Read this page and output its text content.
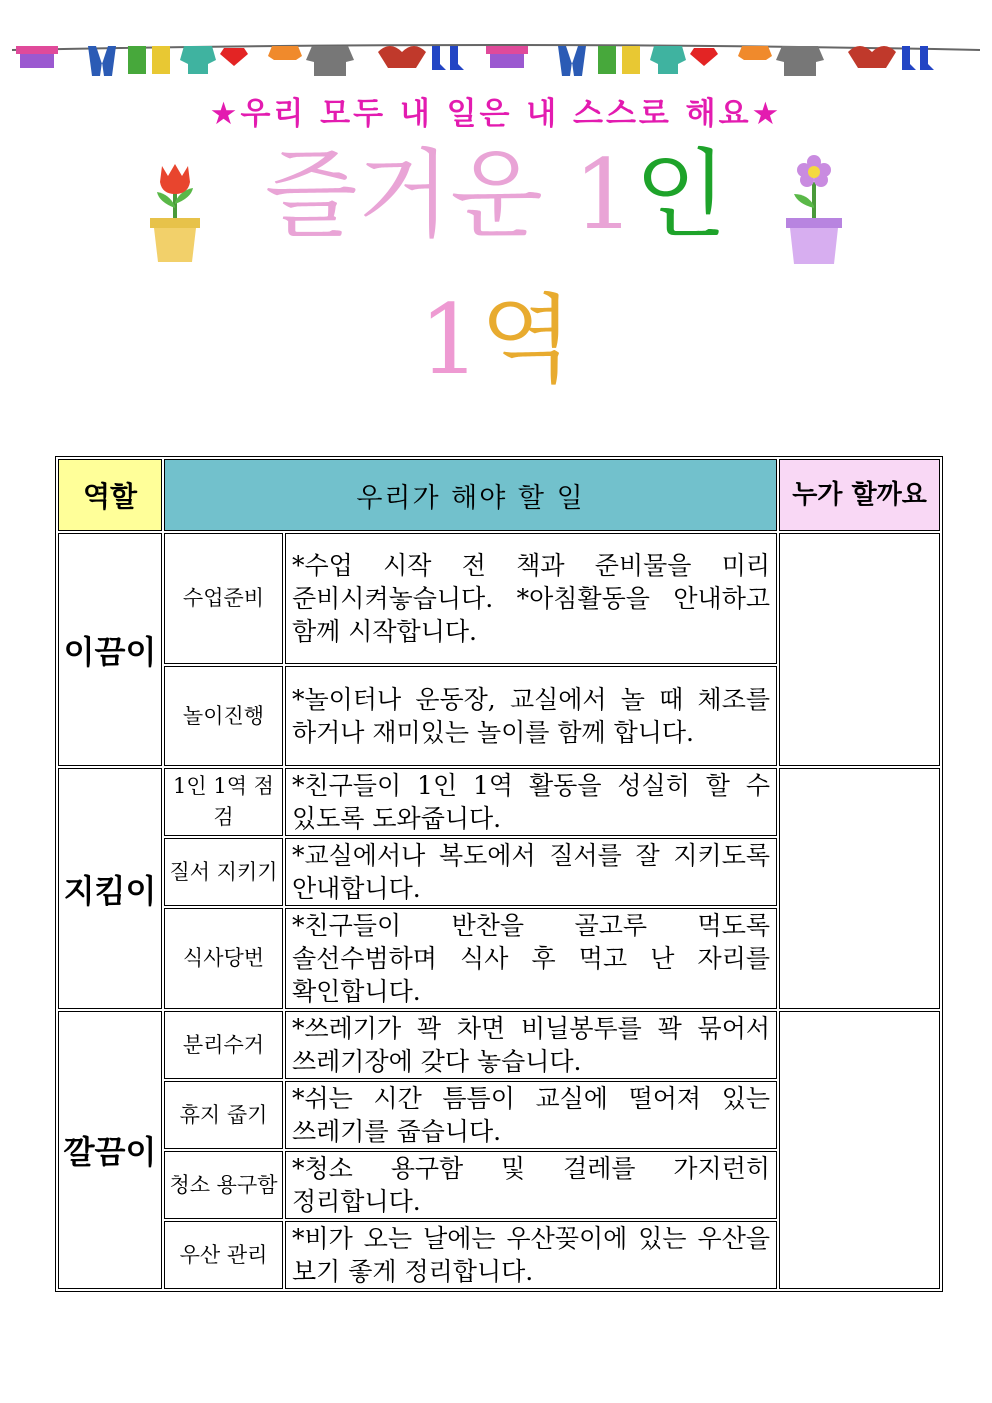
★우리 모두 내 일은 내 스스로 해요★
즐거운 1인
1역
역할	우리가 해야 할 일		누가 할까요
이끔이	수업준비	*수업 시작 전 책과 준비물을 미리 준비시켜놓습니다. *아침활동을 안내하고 함께 시작합니다.	
	놀이진행	*놀이터나 운동장, 교실에서 놀 때 체조를 하거나 재미있는 놀이를 함께 합니다.	
지킴이	1인 1역 점검	*친구들이 1인 1역 활동을 성실히 할 수 있도록 도와줍니다.	
	질서 지키기	*교실에서나 복도에서 질서를 잘 지키도록 안내합니다.	
	식사당번	*친구들이 반찬을 골고루 먹도록 솔선수범하며 식사 후 먹고 난 자리를 확인합니다.	
깔끔이	분리수거	*쓰레기가 꽉 차면 비닐봉투를 꽉 묶어서 쓰레기장에 갖다 놓습니다.	
	휴지 줍기	*쉬는 시간 틈틈이 교실에 떨어져 있는 쓰레기를 줍습니다.	
	청소 용구함	*청소 용구함 및 걸레를 가지런히 정리합니다.	
	우산 관리	*비가 오는 날에는 우산꽂이에 있는 우산을 보기 좋게 정리합니다.	
